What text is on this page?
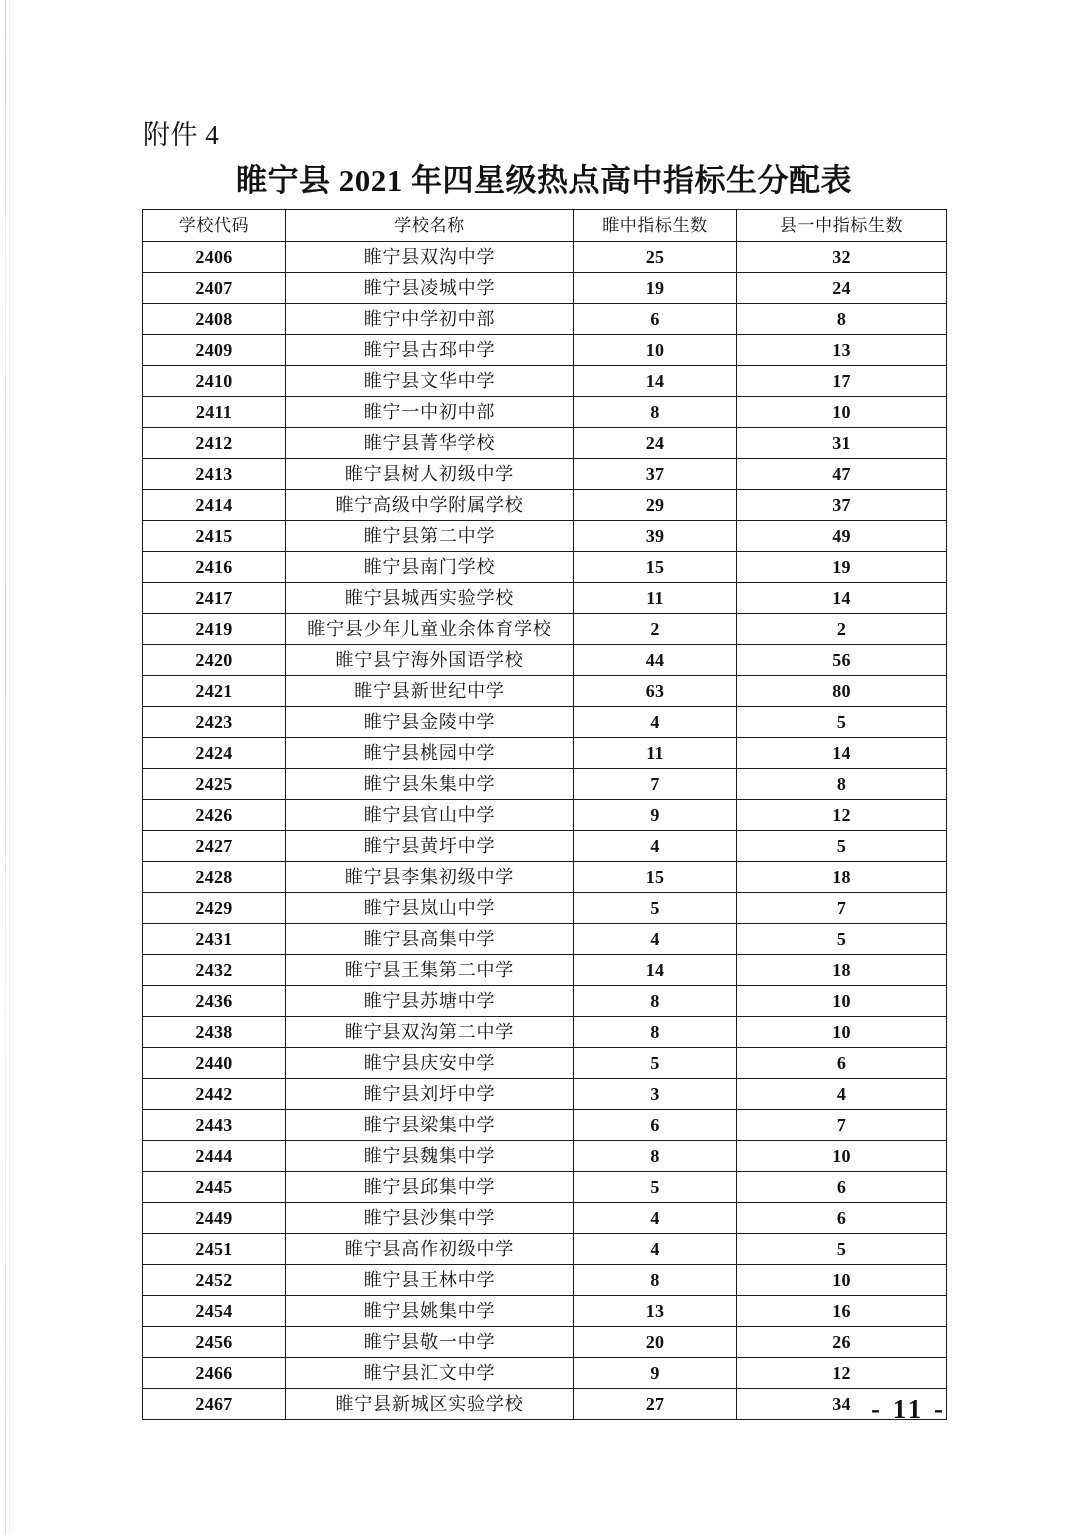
附件 4
睢宁县 2021 年四星级热点高中指标生分配表
学校代码	学校名称	睢中指标生数	县一中指标生数
2406	睢宁县双沟中学	25	32
2407	睢宁县凌城中学	19	24
2408	睢宁中学初中部	6	8
2409	睢宁县古邳中学	10	13
2410	睢宁县文华中学	14	17
2411	睢宁一中初中部	8	10
2412	睢宁县菁华学校	24	31
2413	睢宁县树人初级中学	37	47
2414	睢宁高级中学附属学校	29	37
2415	睢宁县第二中学	39	49
2416	睢宁县南门学校	15	19
2417	睢宁县城西实验学校	11	14
2419	睢宁县少年儿童业余体育学校	2	2
2420	睢宁县宁海外国语学校	44	56
2421	睢宁县新世纪中学	63	80
2423	睢宁县金陵中学	4	5
2424	睢宁县桃园中学	11	14
2425	睢宁县朱集中学	7	8
2426	睢宁县官山中学	9	12
2427	睢宁县黄圩中学	4	5
2428	睢宁县李集初级中学	15	18
2429	睢宁县岚山中学	5	7
2431	睢宁县高集中学	4	5
2432	睢宁县王集第二中学	14	18
2436	睢宁县苏塘中学	8	10
2438	睢宁县双沟第二中学	8	10
2440	睢宁县庆安中学	5	6
2442	睢宁县刘圩中学	3	4
2443	睢宁县梁集中学	6	7
2444	睢宁县魏集中学	8	10
2445	睢宁县邱集中学	5	6
2449	睢宁县沙集中学	4	6
2451	睢宁县高作初级中学	4	5
2452	睢宁县王林中学	8	10
2454	睢宁县姚集中学	13	16
2456	睢宁县敬一中学	20	26
2466	睢宁县汇文中学	9	12
2467	睢宁县新城区实验学校	27	34 - 11 -
